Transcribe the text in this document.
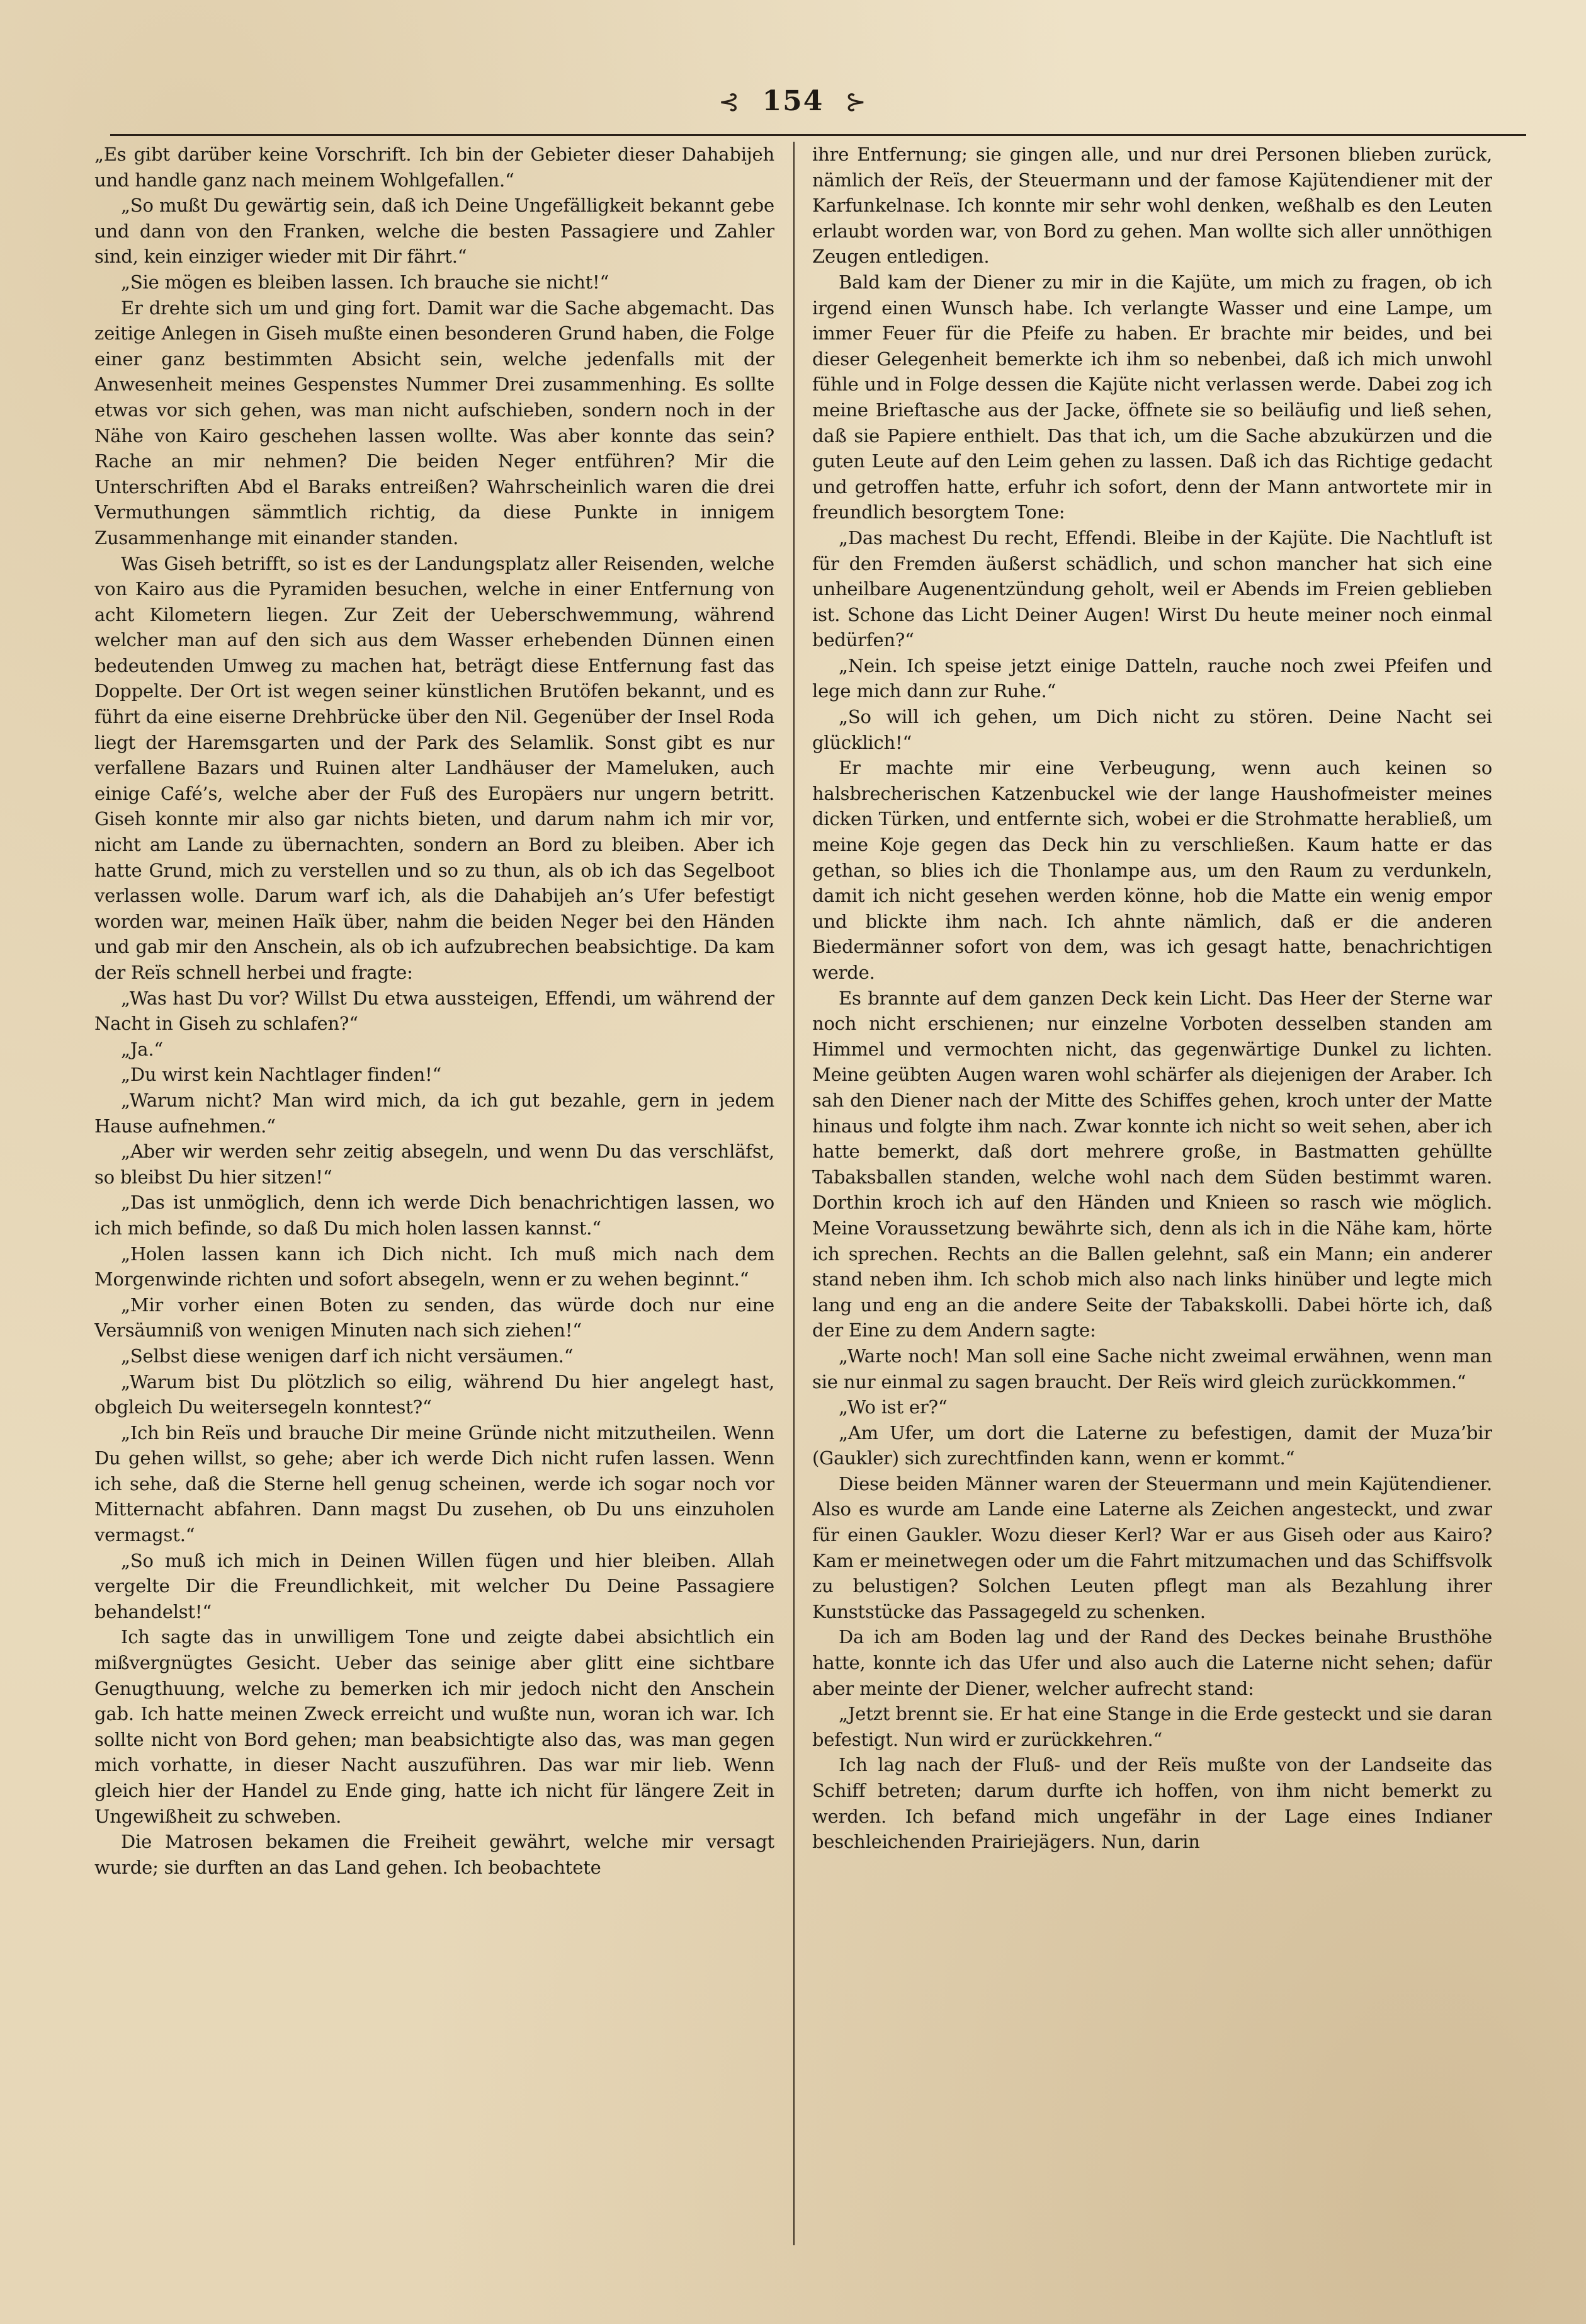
⊰ 154 ⊱

„Es gibt darüber keine Vorschrift. Ich bin der Gebieter dieser Dahabijeh und handle ganz nach meinem Wohlgefallen.“

„So mußt Du gewärtig sein, daß ich Deine Ungefälligkeit bekannt gebe und dann von den Franken, welche die besten Passagiere und Zahler sind, kein einziger wieder mit Dir fährt.“

„Sie mögen es bleiben lassen. Ich brauche sie nicht!“

Er drehte sich um und ging fort. Damit war die Sache abgemacht. Das zeitige Anlegen in Giseh mußte einen besonderen Grund haben, die Folge einer ganz bestimmten Absicht sein, welche jedenfalls mit der Anwesenheit meines Gespenstes Nummer Drei zusammenhing. Es sollte etwas vor sich gehen, was man nicht aufschieben, sondern noch in der Nähe von Kairo geschehen lassen wollte. Was aber konnte das sein? Rache an mir nehmen? Die beiden Neger entführen? Mir die Unterschriften Abd el Baraks entreißen? Wahrscheinlich waren die drei Vermuthungen sämmtlich richtig, da diese Punkte in innigem Zusammenhange mit einander standen.

Was Giseh betrifft, so ist es der Landungsplatz aller Reisenden, welche von Kairo aus die Pyramiden besuchen, welche in einer Entfernung von acht Kilometern liegen. Zur Zeit der Ueberschwemmung, während welcher man auf den sich aus dem Wasser erhebenden Dünnen einen bedeutenden Umweg zu machen hat, beträgt diese Entfernung fast das Doppelte. Der Ort ist wegen seiner künstlichen Brutöfen bekannt, und es führt da eine eiserne Drehbrücke über den Nil. Gegenüber der Insel Roda liegt der Haremsgarten und der Park des Selamlik. Sonst gibt es nur verfallene Bazars und Ruinen alter Landhäuser der Mameluken, auch einige Café’s, welche aber der Fuß des Europäers nur ungern betritt. Giseh konnte mir also gar nichts bieten, und darum nahm ich mir vor, nicht am Lande zu übernachten, sondern an Bord zu bleiben. Aber ich hatte Grund, mich zu verstellen und so zu thun, als ob ich das Segelboot verlassen wolle. Darum warf ich, als die Dahabijeh an’s Ufer befestigt worden war, meinen Haïk über, nahm die beiden Neger bei den Händen und gab mir den Anschein, als ob ich aufzubrechen beabsichtige. Da kam der Reïs schnell herbei und fragte:

„Was hast Du vor? Willst Du etwa aussteigen, Effendi, um während der Nacht in Giseh zu schlafen?“

„Ja.“

„Du wirst kein Nachtlager finden!“

„Warum nicht? Man wird mich, da ich gut bezahle, gern in jedem Hause aufnehmen.“

„Aber wir werden sehr zeitig absegeln, und wenn Du das verschläfst, so bleibst Du hier sitzen!“

„Das ist unmöglich, denn ich werde Dich benachrichtigen lassen, wo ich mich befinde, so daß Du mich holen lassen kannst.“

„Holen lassen kann ich Dich nicht. Ich muß mich nach dem Morgenwinde richten und sofort absegeln, wenn er zu wehen beginnt.“

„Mir vorher einen Boten zu senden, das würde doch nur eine Versäumniß von wenigen Minuten nach sich ziehen!“

„Selbst diese wenigen darf ich nicht versäumen.“

„Warum bist Du plötzlich so eilig, während Du hier angelegt hast, obgleich Du weitersegeln konntest?“

„Ich bin Reïs und brauche Dir meine Gründe nicht mitzutheilen. Wenn Du gehen willst, so gehe; aber ich werde Dich nicht rufen lassen. Wenn ich sehe, daß die Sterne hell genug scheinen, werde ich sogar noch vor Mitternacht abfahren. Dann magst Du zusehen, ob Du uns einzuholen vermagst.“

„So muß ich mich in Deinen Willen fügen und hier bleiben. Allah vergelte Dir die Freundlichkeit, mit welcher Du Deine Passagiere behandelst!“

Ich sagte das in unwilligem Tone und zeigte dabei absichtlich ein mißvergnügtes Gesicht. Ueber das seinige aber glitt eine sichtbare Genugthuung, welche zu bemerken ich mir jedoch nicht den Anschein gab. Ich hatte meinen Zweck erreicht und wußte nun, woran ich war. Ich sollte nicht von Bord gehen; man beabsichtigte also das, was man gegen mich vorhatte, in dieser Nacht auszuführen. Das war mir lieb. Wenn gleich hier der Handel zu Ende ging, hatte ich nicht für längere Zeit in Ungewißheit zu schweben.

Die Matrosen bekamen die Freiheit gewährt, welche mir versagt wurde; sie durften an das Land gehen. Ich beobachtete

ihre Entfernung; sie gingen alle, und nur drei Personen blieben zurück, nämlich der Reïs, der Steuermann und der famose Kajütendiener mit der Karfunkelnase. Ich konnte mir sehr wohl denken, weßhalb es den Leuten erlaubt worden war, von Bord zu gehen. Man wollte sich aller unnöthigen Zeugen entledigen.

Bald kam der Diener zu mir in die Kajüte, um mich zu fragen, ob ich irgend einen Wunsch habe. Ich verlangte Wasser und eine Lampe, um immer Feuer für die Pfeife zu haben. Er brachte mir beides, und bei dieser Gelegenheit bemerkte ich ihm so nebenbei, daß ich mich unwohl fühle und in Folge dessen die Kajüte nicht verlassen werde. Dabei zog ich meine Brieftasche aus der Jacke, öffnete sie so beiläufig und ließ sehen, daß sie Papiere enthielt. Das that ich, um die Sache abzukürzen und die guten Leute auf den Leim gehen zu lassen. Daß ich das Richtige gedacht und getroffen hatte, erfuhr ich sofort, denn der Mann antwortete mir in freundlich besorgtem Tone:

„Das machest Du recht, Effendi. Bleibe in der Kajüte. Die Nachtluft ist für den Fremden äußerst schädlich, und schon mancher hat sich eine unheilbare Augenentzündung geholt, weil er Abends im Freien geblieben ist. Schone das Licht Deiner Augen! Wirst Du heute meiner noch einmal bedürfen?“

„Nein. Ich speise jetzt einige Datteln, rauche noch zwei Pfeifen und lege mich dann zur Ruhe.“

„So will ich gehen, um Dich nicht zu stören. Deine Nacht sei glücklich!“

Er machte mir eine Verbeugung, wenn auch keinen so halsbrecherischen Katzenbuckel wie der lange Haushofmeister meines dicken Türken, und entfernte sich, wobei er die Strohmatte herabließ, um meine Koje gegen das Deck hin zu verschließen. Kaum hatte er das gethan, so blies ich die Thonlampe aus, um den Raum zu verdunkeln, damit ich nicht gesehen werden könne, hob die Matte ein wenig empor und blickte ihm nach. Ich ahnte nämlich, daß er die anderen Biedermänner sofort von dem, was ich gesagt hatte, benachrichtigen werde.

Es brannte auf dem ganzen Deck kein Licht. Das Heer der Sterne war noch nicht erschienen; nur einzelne Vorboten desselben standen am Himmel und vermochten nicht, das gegenwärtige Dunkel zu lichten. Meine geübten Augen waren wohl schärfer als diejenigen der Araber. Ich sah den Diener nach der Mitte des Schiffes gehen, kroch unter der Matte hinaus und folgte ihm nach. Zwar konnte ich nicht so weit sehen, aber ich hatte bemerkt, daß dort mehrere große, in Bastmatten gehüllte Tabaksballen standen, welche wohl nach dem Süden bestimmt waren. Dorthin kroch ich auf den Händen und Knieen so rasch wie möglich. Meine Voraussetzung bewährte sich, denn als ich in die Nähe kam, hörte ich sprechen. Rechts an die Ballen gelehnt, saß ein Mann; ein anderer stand neben ihm. Ich schob mich also nach links hinüber und legte mich lang und eng an die andere Seite der Tabakskolli. Dabei hörte ich, daß der Eine zu dem Andern sagte:

„Warte noch! Man soll eine Sache nicht zweimal erwähnen, wenn man sie nur einmal zu sagen braucht. Der Reïs wird gleich zurückkommen.“

„Wo ist er?“

„Am Ufer, um dort die Laterne zu befestigen, damit der Muza’bir (Gaukler) sich zurechtfinden kann, wenn er kommt.“

Diese beiden Männer waren der Steuermann und mein Kajütendiener. Also es wurde am Lande eine Laterne als Zeichen angesteckt, und zwar für einen Gaukler. Wozu dieser Kerl? War er aus Giseh oder aus Kairo? Kam er meinetwegen oder um die Fahrt mitzumachen und das Schiffsvolk zu belustigen? Solchen Leuten pflegt man als Bezahlung ihrer Kunststücke das Passagegeld zu schenken.

Da ich am Boden lag und der Rand des Deckes beinahe Brusthöhe hatte, konnte ich das Ufer und also auch die Laterne nicht sehen; dafür aber meinte der Diener, welcher aufrecht stand:

„Jetzt brennt sie. Er hat eine Stange in die Erde gesteckt und sie daran befestigt. Nun wird er zurückkehren.“

Ich lag nach der Fluß- und der Reïs mußte von der Landseite das Schiff betreten; darum durfte ich hoffen, von ihm nicht bemerkt zu werden. Ich befand mich ungefähr in der Lage eines Indianer beschleichenden Prairiejägers. Nun, darin
